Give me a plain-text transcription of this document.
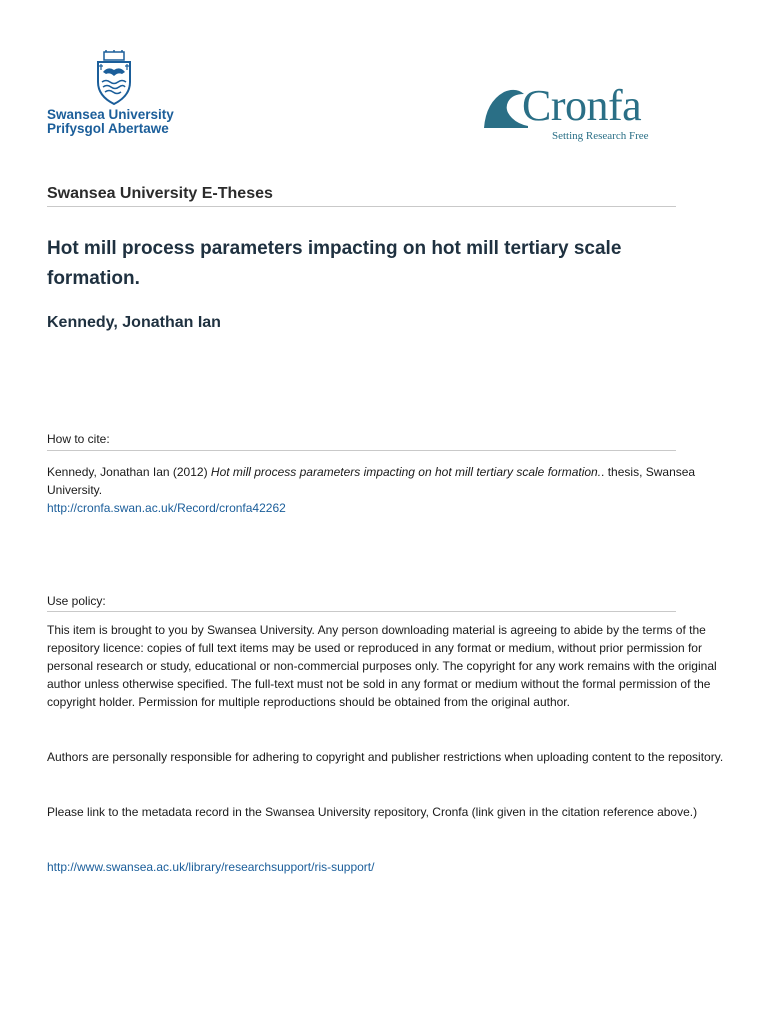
Swansea University
Prifysgol Abertawe	Cronfa
Setting Research Free
Swansea University E-Theses
Hot mill process parameters impacting on hot mill tertiary scale formation.
Kennedy, Jonathan Ian
How to cite:
Kennedy, Jonathan Ian (2012) Hot mill process parameters impacting on hot mill tertiary scale formation.. thesis, Swansea University.
http://cronfa.swan.ac.uk/Record/cronfa42262
Use policy:

This item is brought to you by Swansea University. Any person downloading material is agreeing to abide by the terms of the repository licence: copies of full text items may be used or reproduced in any format or medium, without prior permission for personal research or study, educational or non-commercial purposes only. The copyright for any work remains with the original author unless otherwise specified. The full-text must not be sold in any format or medium without the formal permission of the copyright holder. Permission for multiple reproductions should be obtained from the original author.

Authors are personally responsible for adhering to copyright and publisher restrictions when uploading content to the repository.

Please link to the metadata record in the Swansea University repository, Cronfa (link given in the citation reference above.)

http://www.swansea.ac.uk/library/researchsupport/ris-support/
